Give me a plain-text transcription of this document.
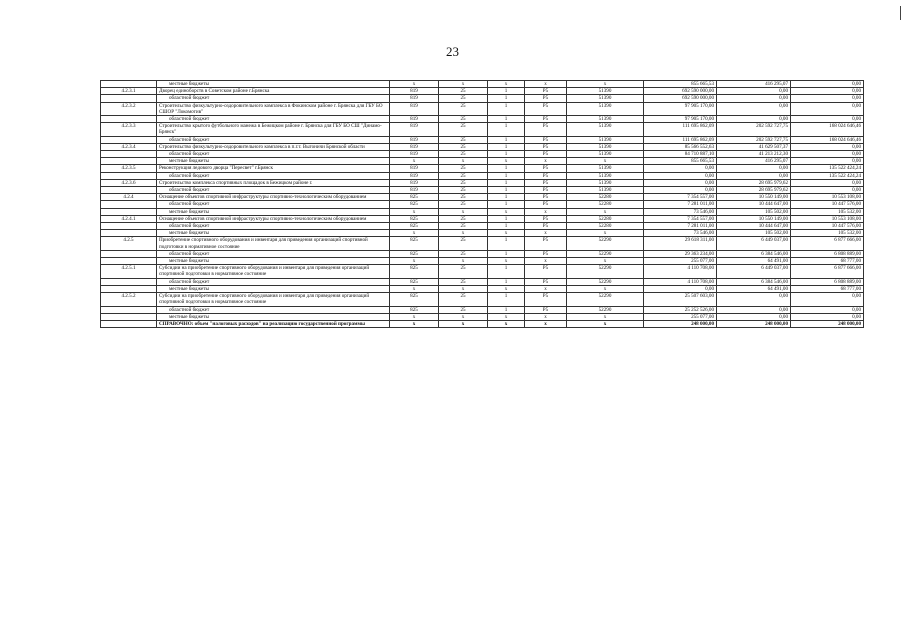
23
	местные бюджеты	x	x	x	x	x	855 665,53	416 295,07	0,00
4.2.3.1	Дворец единоборств в Советском районе г.Брянска	819	25	1	Р5	51390	692 590 000,00	0,00	0,00
	областной бюджет	819	25	1	Р5	51390	692 590 000,00	0,00	0,00
4.2.3.2	Строительство физкультурно-оздоровительного комплекса в Фокинском районе г. Брянска для ГБУ БО СШОР "Локомотив"	819	25	1	Р5	51390	97 905 170,00	0,00	0,00
	областной бюджет	819	25	1	Р5	51390	97 905 170,00	0,00	0,00
4.2.3.3	Строительство крытого футбольного манежа в Бежицком районе г. Брянска для ГБУ БО СШ "Динамо-Брянск"	819	25	1	Р5	51390	111 695 862,09	202 592 727,75	168 024 646,46
	областной бюджет	819	25	1	Р5	51390	111 695 862,09	202 592 727,75	168 024 646,46
4.2.3.4	Строительство физкультурно-оздоровительного комплекса в п.г.т. Выгоничи Брянской области	819	25	1	Р5	51390	85 566 552,63	41 629 507,37	0,00
	областной бюджет	819	25	1	Р5	51390	84 710 887,10	41 213 212,30	0,00
	местные бюджеты	x	x	x	x	x	855 665,53	416 295,07	0,00
4.2.3.5	Реконструкция ледового дворца "Пересвет" г.Брянск	819	25	1	Р5	51390	0,00	0,00	135 522 424,24
	областной бюджет	819	25	1	Р5	51390	0,00	0,00	135 522 424,24
4.2.3.6	Строительство комплекса спортивных площадок в Бежицком районе г.	819	25	1	Р5	51390	0,00	28 695 979,62	0,00
	областной бюджет	819	25	1	Р5	51390	0,00	28 695 979,62	0,00
4.2.4	Оснащение объектов спортивной инфраструктуры спортивно-технологическим оборудованием	825	25	1	Р5	52280	7 354 557,00	10 550 149,00	10 553 108,00
	областной бюджет	825	25	1	Р5	52280	7 281 011,00	10 444 647,00	10 447 576,00
	местные бюджеты	x	x	x	x	x	73 546,00	105 502,00	105 532,00
4.2.4.1	Оснащение объектов спортивной инфраструктуры спортивно-технологическим оборудованием	825	25	1	Р5	52280	7 354 557,00	10 550 149,00	10 553 108,00
	областной бюджет	825	25	1	Р5	52280	7 281 011,00	10 444 647,00	10 447 576,00
	местные бюджеты	x	x	x	x	x	73 546,00	105 502,00	105 532,00
4.2.5	Приобретение спортивного оборудования и инвентаря для приведения организаций спортивной подготовки в нормативное состояние	825	25	1	Р5	52290	29 618 311,00	6 449 037,00	6 877 666,00
	областной бюджет	825	25	1	Р5	52290	29 363 234,00	6 384 546,00	6 808 889,00
	местные бюджеты	x	x	x	x	x	255 077,00	64 491,00	68 777,00
4.2.5.1	Субсидии на приобретение спортивного оборудования и инвентаря для приведения организаций спортивной подготовки в нормативное состояние	825	25	1	Р5	52290	4 110 708,00	6 449 037,00	6 877 666,00
	областной бюджет	825	25	1	Р5	52290	4 110 708,00	6 384 546,00	6 808 889,00
	местные бюджеты	x	x	x	x	x	0,00	64 491,00	68 777,00
4.2.5.2	Субсидии на приобретение спортивного оборудования и инвентаря для приведения организаций спортивной подготовки в нормативное состояние	825	25	1	Р5	52290	25 507 603,00	0,00	0,00
	областной бюджет	825	25	1	Р5	52290	25 252 526,00	0,00	0,00
	местные бюджеты	x	x	x	x	x	255 077,00	0,00	0,00
	СПРАВОЧНО: объем "налоговых расходов" на реализацию государственной программы	x	x	x	x	x	248 000,00	248 000,00	248 000,00
